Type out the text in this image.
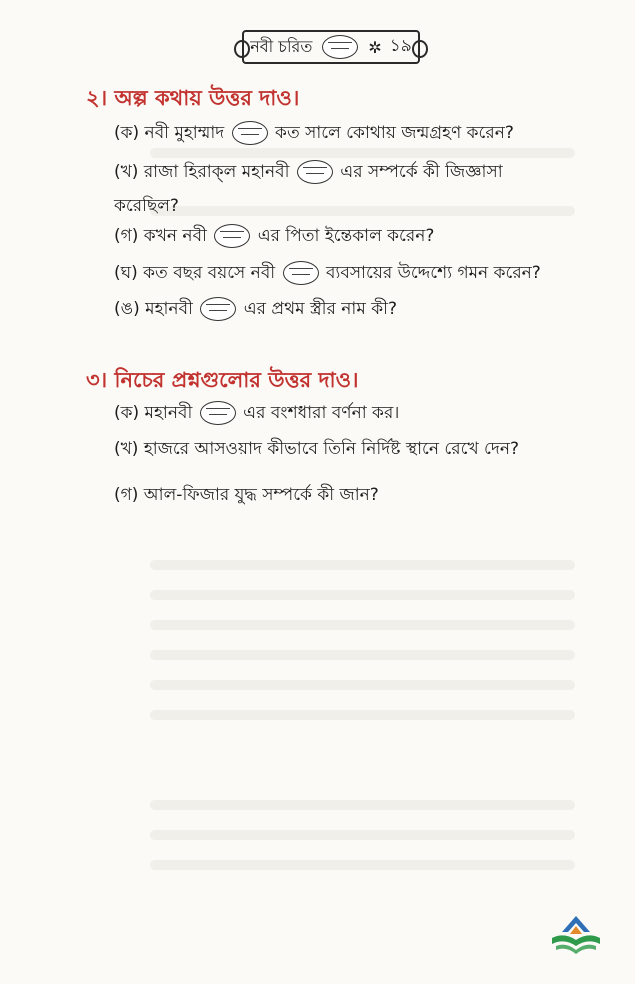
নবী চরিত	✲ ১৯
২। অল্প কথায় উত্তর দাও।
(ক) নবী মুহাম্মাদ	কত সালে কোথায় জন্মগ্রহণ করেন?
(খ) রাজা হিরাক্‌ল মহানবী	এর সম্পর্কে কী জিজ্ঞাসা করেছিল?
(গ) কখন নবী	এর পিতা ইন্তেকাল করেন?
(ঘ) কত বছর বয়সে নবী	ব্যবসায়ের উদ্দেশ্যে গমন করেন?
(ঙ) মহানবী	এর প্রথম স্ত্রীর নাম কী?
৩। নিচের প্রশ্নগুলোর উত্তর দাও।
(ক) মহানবী	এর বংশধারা বর্ণনা কর।
(খ) হাজরে আসওয়াদ কীভাবে তিনি নির্দিষ্ট স্থানে রেখে দেন?
(গ) আল-ফিজার যুদ্ধ সম্পর্কে কী জান?
